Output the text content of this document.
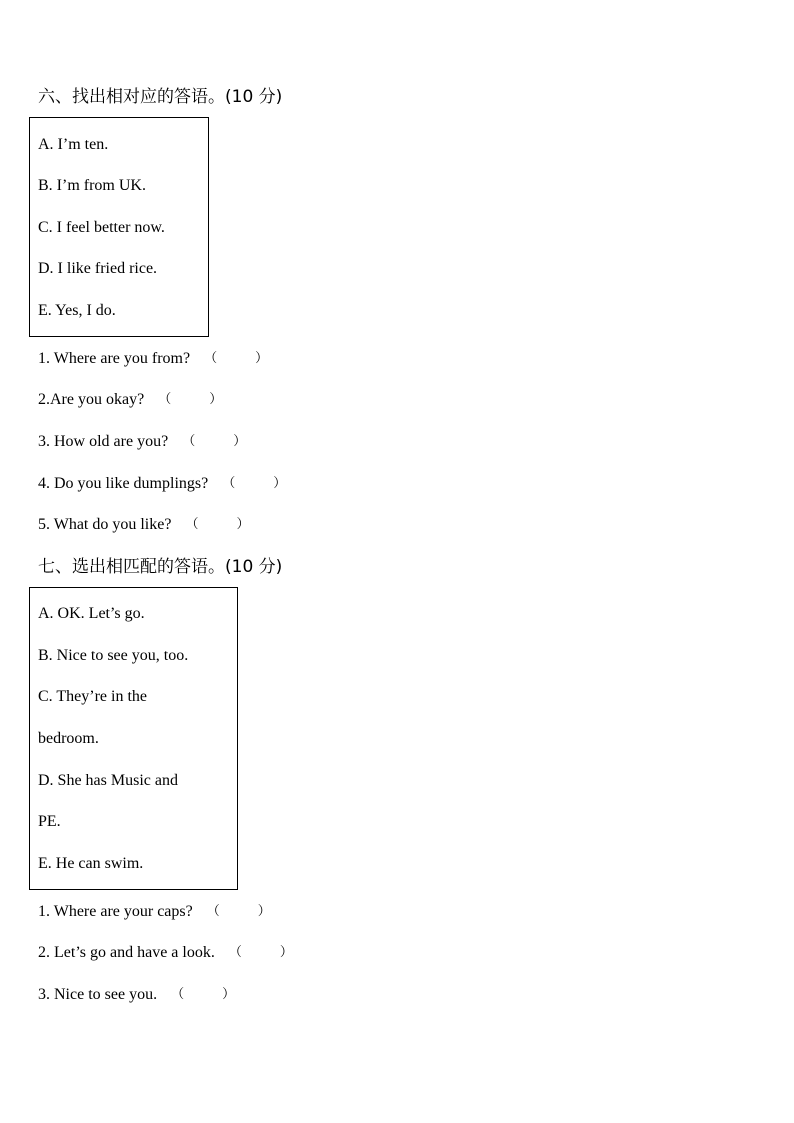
六、找出相对应的答语。(10 分)
A. I’m ten.
B. I’m from UK.
C. I feel better now.
D. I like fried rice.
E. Yes, I do.
1. Where are you from? （	）
2.Are you okay? （	）
3. How old are you? （	）
4. Do you like dumplings? （	）
5. What do you like? （	）
七、选出相匹配的答语。(10 分)
A. OK. Let’s go.
B. Nice to see you, too.
C. They’re in the
bedroom.
D. She has Music and
PE.
E. He can swim.
1. Where are your caps? （	）
2. Let’s go and have a look. （	）
3. Nice to see you. （	）
